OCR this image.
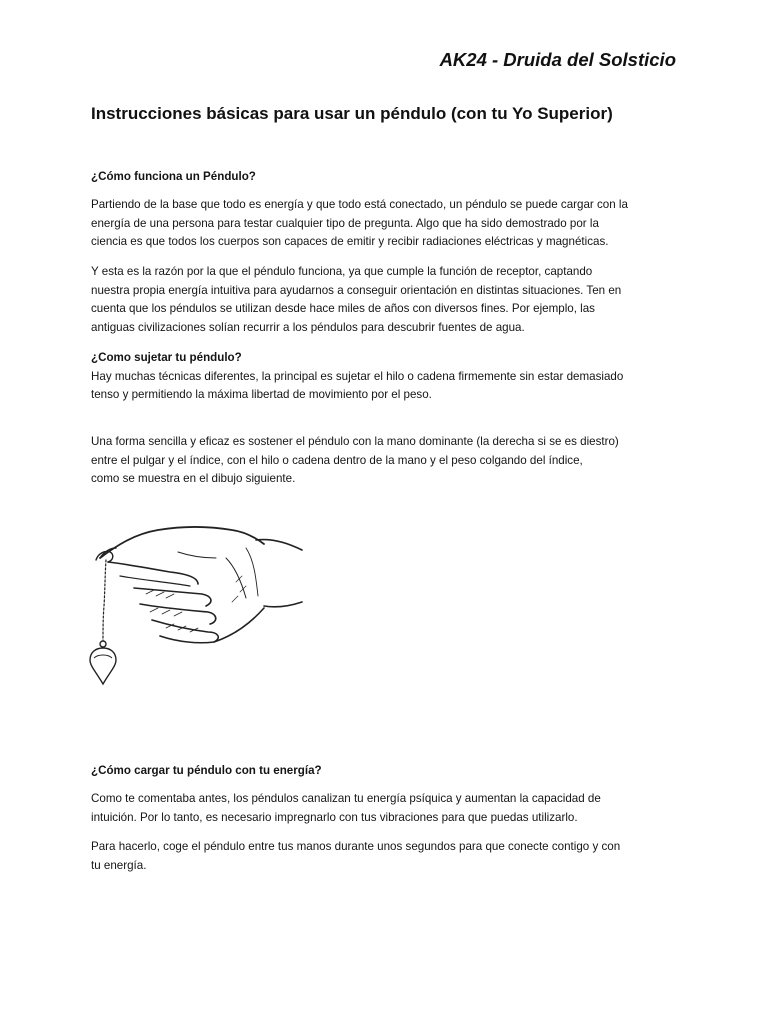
AK24 - Druida del Solsticio
Instrucciones básicas para usar un péndulo (con tu Yo Superior)
¿Cómo funciona un Péndulo?
Partiendo de la base que todo es energía y que todo está conectado, un péndulo se puede cargar con la
energía de una persona para testar cualquier tipo de pregunta. Algo que ha sido demostrado por la
ciencia es que todos los cuerpos son capaces de emitir y recibir radiaciones eléctricas y magnéticas.
Y esta es la razón por la que el péndulo funciona, ya que cumple la función de receptor, captando
nuestra propia energía intuitiva para ayudarnos a conseguir orientación en distintas situaciones. Ten en
cuenta que los péndulos se utilizan desde hace miles de años con diversos fines. Por ejemplo, las
antiguas civilizaciones solían recurrir a los péndulos para descubrir fuentes de agua.
¿Como sujetar tu péndulo?
Hay muchas técnicas diferentes, la principal es sujetar el hilo o cadena firmemente sin estar demasiado
tenso y permitiendo la máxima libertad de movimiento por el peso.
Una forma sencilla y eficaz es sostener el péndulo con la mano dominante (la derecha si se es diestro)
entre el pulgar y el índice, con el hilo o cadena dentro de la mano y el peso colgando del índice,
como se muestra en el dibujo siguiente.
¿Cómo cargar tu péndulo con tu energía?
Como te comentaba antes, los péndulos canalizan tu energía psíquica y aumentan la capacidad de
intuición. Por lo tanto, es necesario impregnarlo con tus vibraciones para que puedas utilizarlo.
Para hacerlo, coge el péndulo entre tus manos durante unos segundos para que conecte contigo y con
tu energía.
